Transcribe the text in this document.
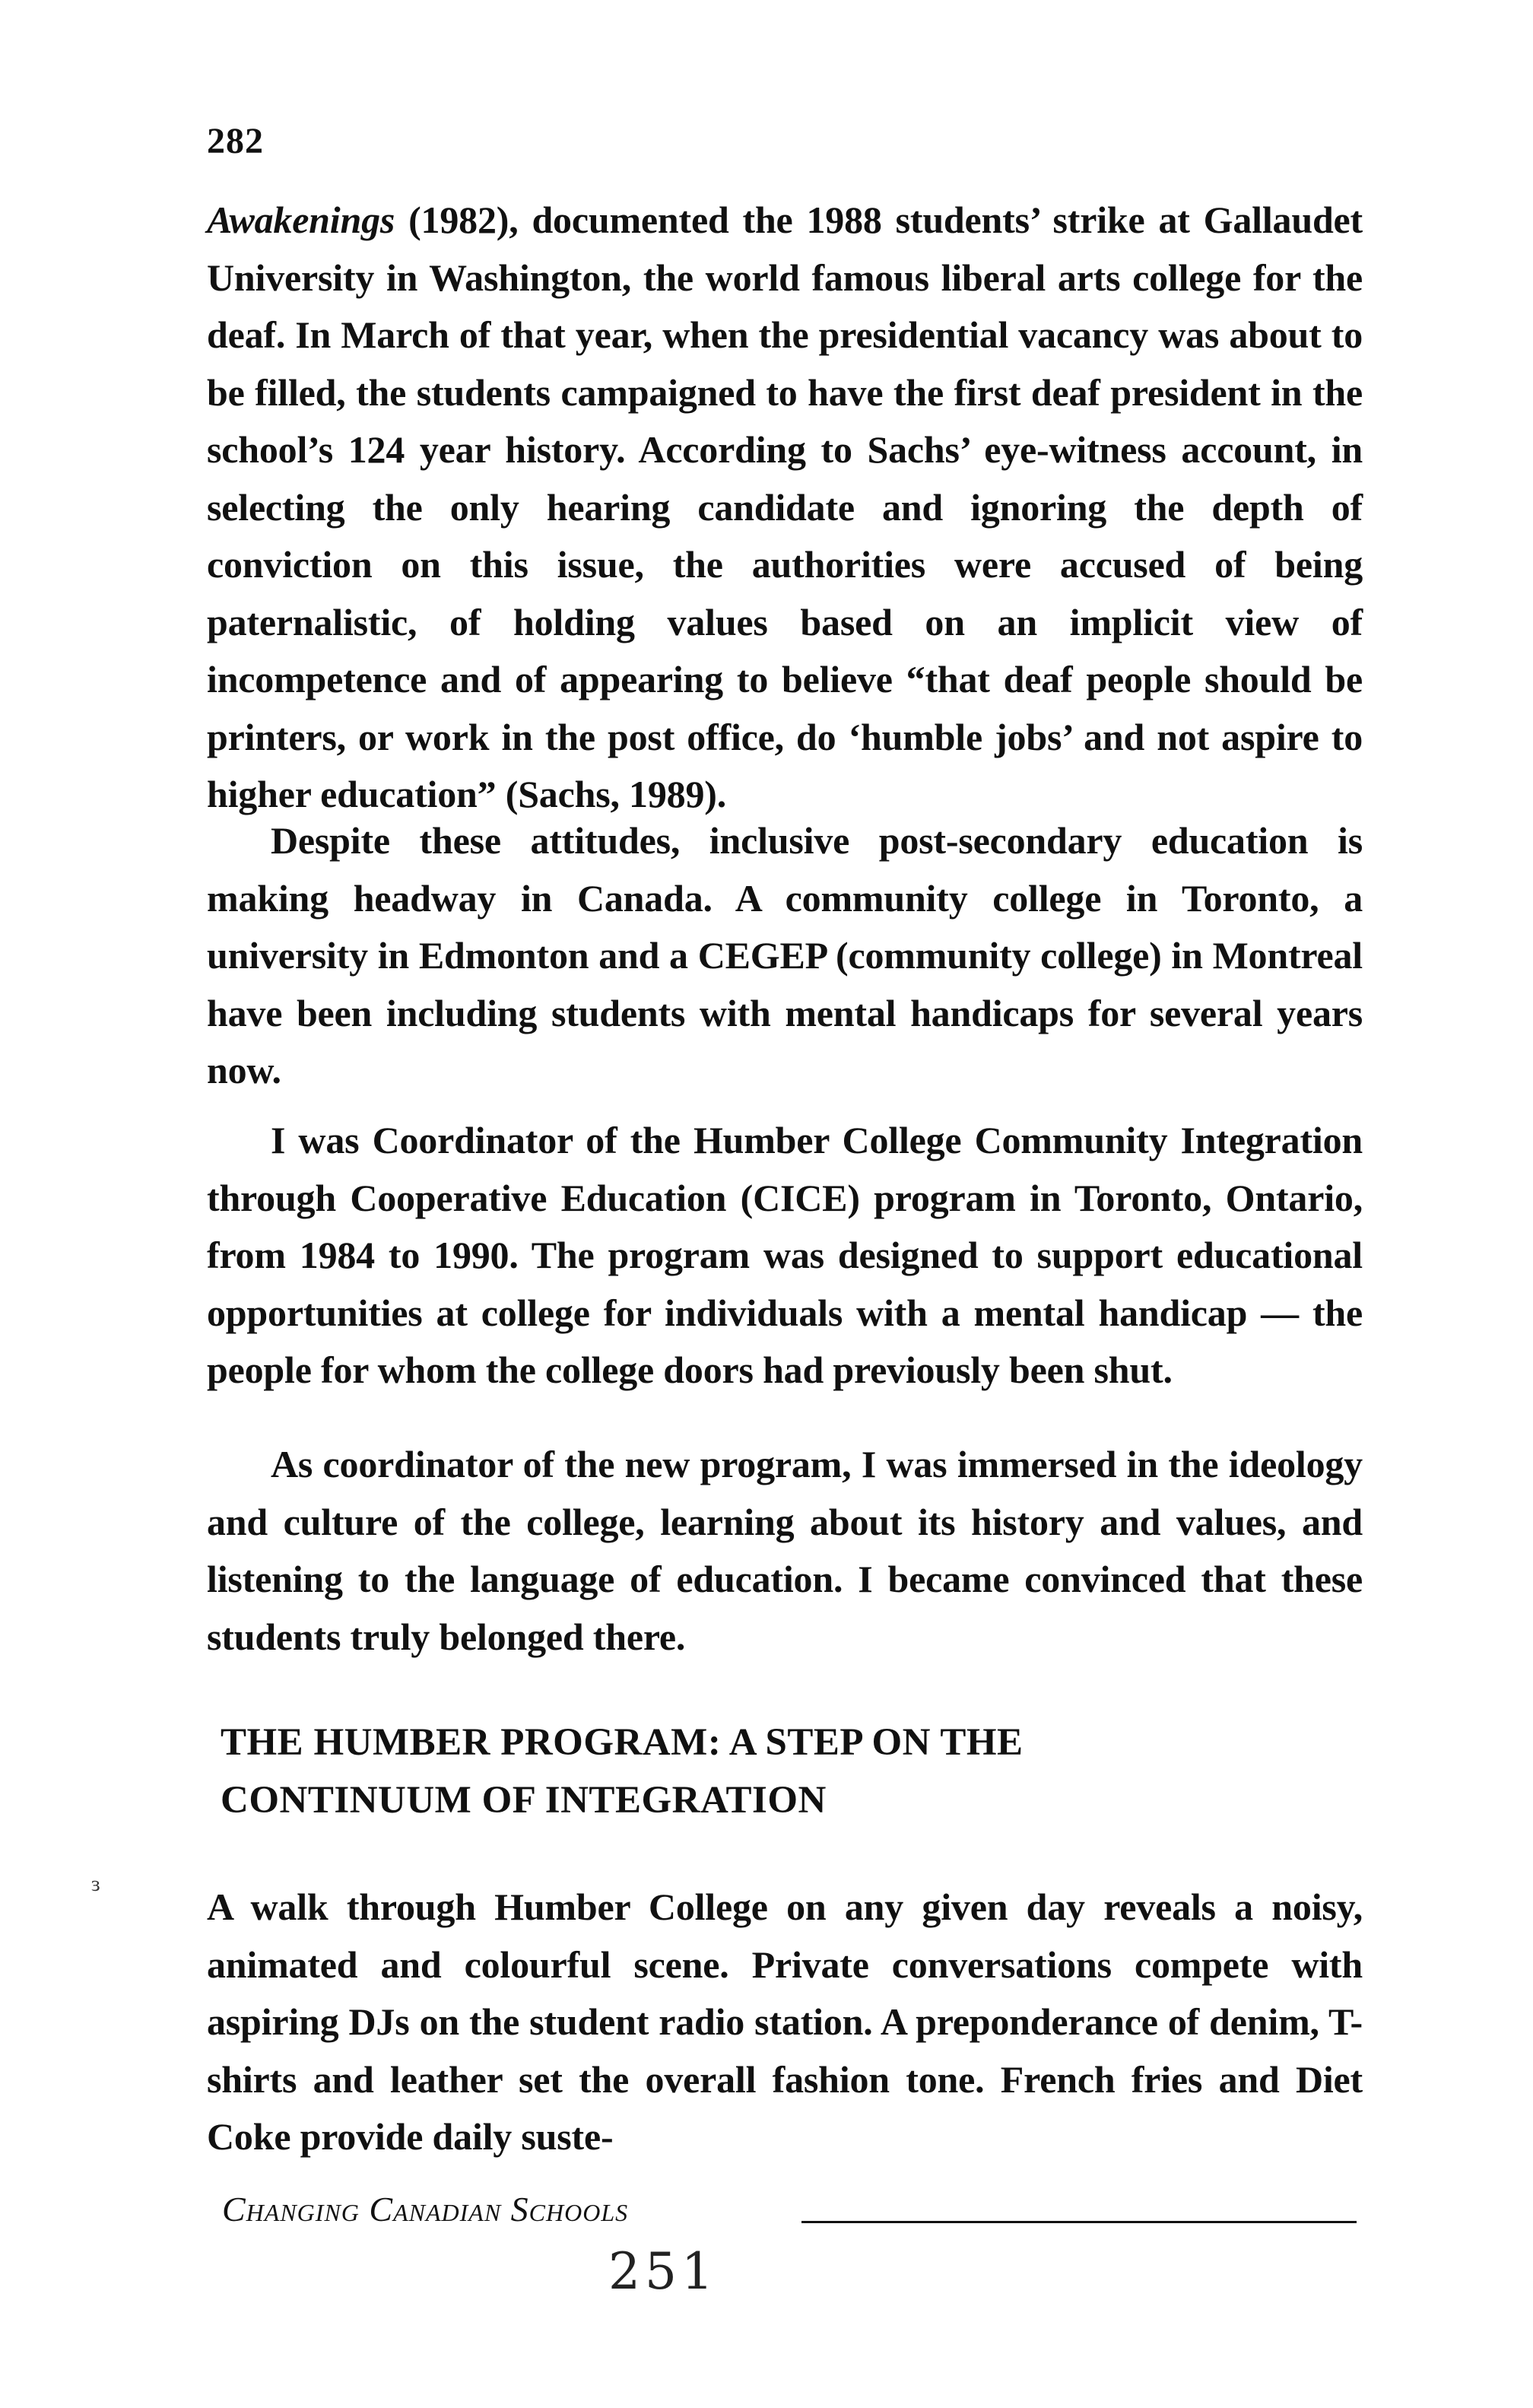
282

Awakenings (1982), documented the 1988 students’ strike at Gallaudet University in Washington, the world famous liberal arts college for the deaf. In March of that year, when the presidential vacancy was about to be filled, the students campaigned to have the first deaf president in the school’s 124 year history. According to Sachs’ eye-witness account, in selecting the only hearing candidate and ignoring the depth of conviction on this issue, the authorities were accused of being paternalistic, of holding values based on an implicit view of incompetence and of appearing to believe “that deaf people should be printers, or work in the post office, do ‘humble jobs’ and not aspire to higher education” (Sachs, 1989).

Despite these attitudes, inclusive post-secondary education is making headway in Canada. A community college in Toronto, a university in Edmonton and a CEGEP (community college) in Montreal have been including students with mental handicaps for several years now.

I was Coordinator of the Humber College Community Integration through Cooperative Education (CICE) program in Toronto, Ontario, from 1984 to 1990. The program was designed to support educational opportunities at college for individuals with a mental handicap — the people for whom the college doors had previously been shut.

As coordinator of the new program, I was immersed in the ideology and culture of the college, learning about its history and values, and listening to the language of education. I became convinced that these students truly belonged there.

THE HUMBER PROGRAM: A STEP ON THE
CONTINUUM OF INTEGRATION
ɜ

A walk through Humber College on any given day reveals a noisy, animated and colourful scene. Private conversations compete with aspiring DJs on the student radio station. A preponderance of denim, T-shirts and leather set the overall fashion tone. French fries and Diet Coke provide daily suste-

Changing Canadian Schools
251
